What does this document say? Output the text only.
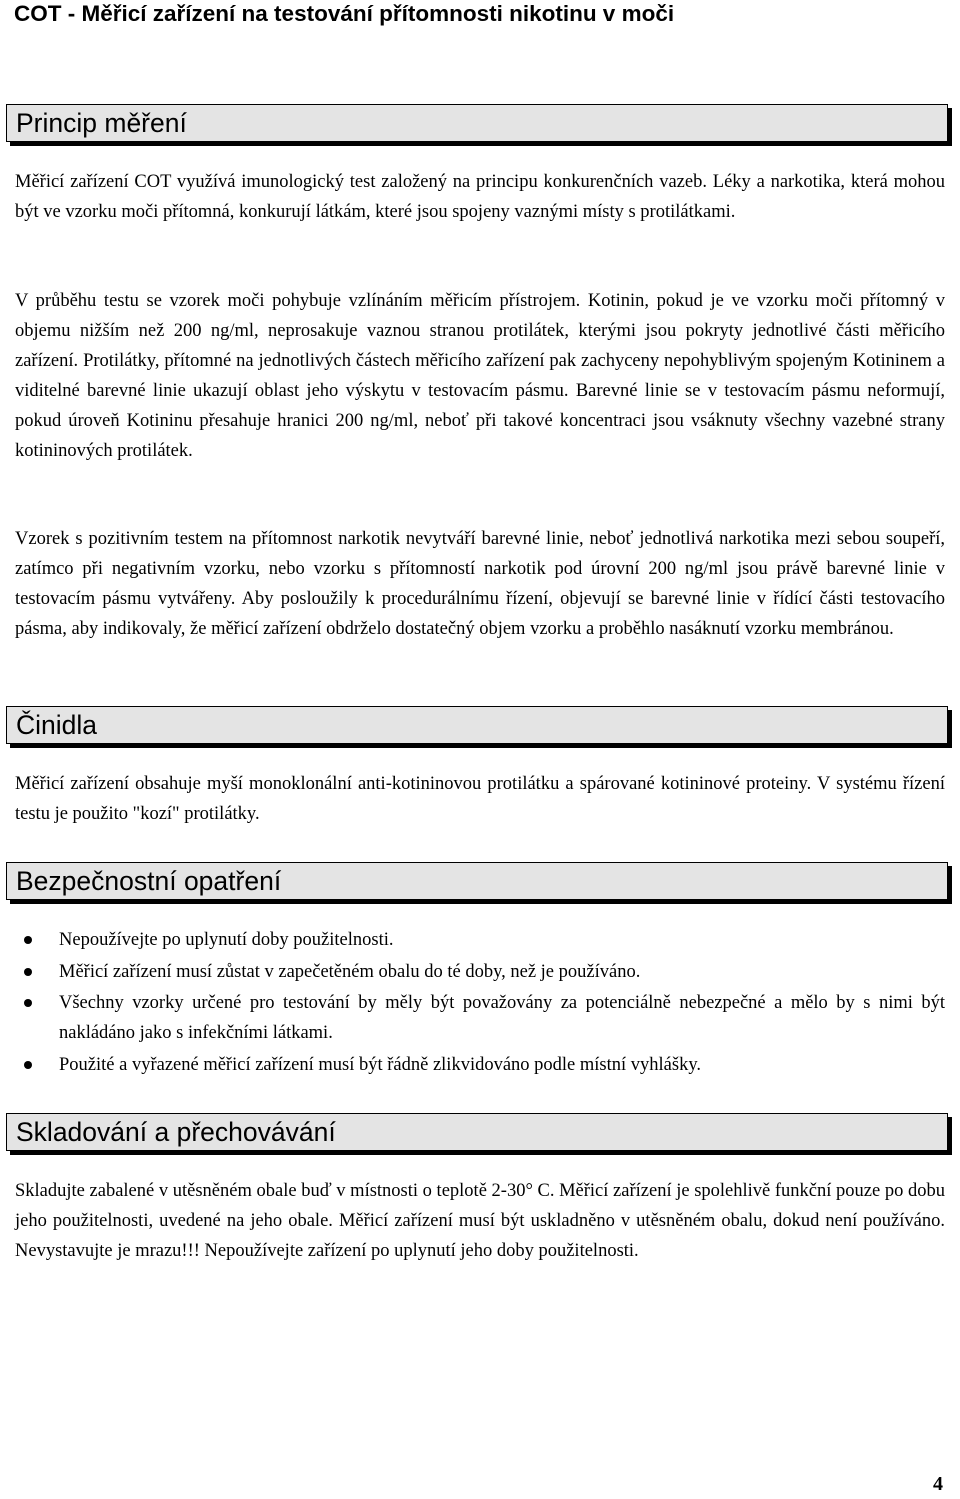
COT - Měřicí zařízení na testování přítomnosti nikotinu v moči
Princip měření

Měřicí zařízení COT využívá imunologický test založený na principu konkurenčních vazeb. Léky a narkotika, která mohou být ve vzorku moči přítomná, konkurují látkám, které jsou spojeny vaznými místy s protilátkami.

V průběhu testu se vzorek moči pohybuje vzlínáním měřicím přístrojem. Kotinin, pokud je ve vzorku moči přítomný v objemu nižším než 200 ng/ml, neprosakuje vaznou stranou protilátek, kterými jsou pokryty jednotlivé části měřicího zařízení. Protilátky, přítomné na jednotlivých částech měřicího zařízení pak zachyceny nepohyblivým spojeným Kotininem a viditelné barevné linie ukazují oblast jeho výskytu v testovacím pásmu. Barevné linie se v testovacím pásmu neformují, pokud úroveň Kotininu přesahuje hranici 200 ng/ml, neboť při takové koncentraci jsou vsáknuty všechny vazebné strany kotininových protilátek.

Vzorek s pozitivním testem na přítomnost narkotik nevytváří barevné linie, neboť jednotlivá narkotika mezi sebou soupeří, zatímco při negativním vzorku, nebo vzorku s přítomností narkotik pod úrovní 200 ng/ml jsou právě barevné linie v testovacím pásmu vytvářeny. Aby posloužily k procedurálnímu řízení, objevují se barevné linie v řídící části testovacího pásma, aby indikovaly, že měřicí zařízení obdrželo dostatečný objem vzorku a proběhlo nasáknutí vzorku membránou.

Činidla

Měřicí zařízení obsahuje myší monoklonální anti-kotininovou protilátku a spárované kotininové proteiny. V systému řízení testu je použito "kozí" protilátky.

Bezpečnostní opatření
Nepoužívejte po uplynutí doby použitelnosti.
Měřicí zařízení musí zůstat v zapečetěném obalu do té doby, než je používáno.
Všechny vzorky určené pro testování by měly být považovány za potenciálně nebezpečné a mělo by s nimi být nakládáno jako s infekčními látkami.
Použité a vyřazené měřicí zařízení musí být řádně zlikvidováno podle místní vyhlášky.
Skladování a přechovávání

Skladujte zabalené v utěsněném obale buď v místnosti o teplotě 2-30° C. Měřicí zařízení je spolehlivě funkční pouze po dobu jeho použitelnosti, uvedené na jeho obale. Měřicí zařízení musí být uskladněno v utěsněném obalu, dokud není používáno. Nevystavujte je mrazu!!! Nepoužívejte zařízení po uplynutí jeho doby použitelnosti.

4
